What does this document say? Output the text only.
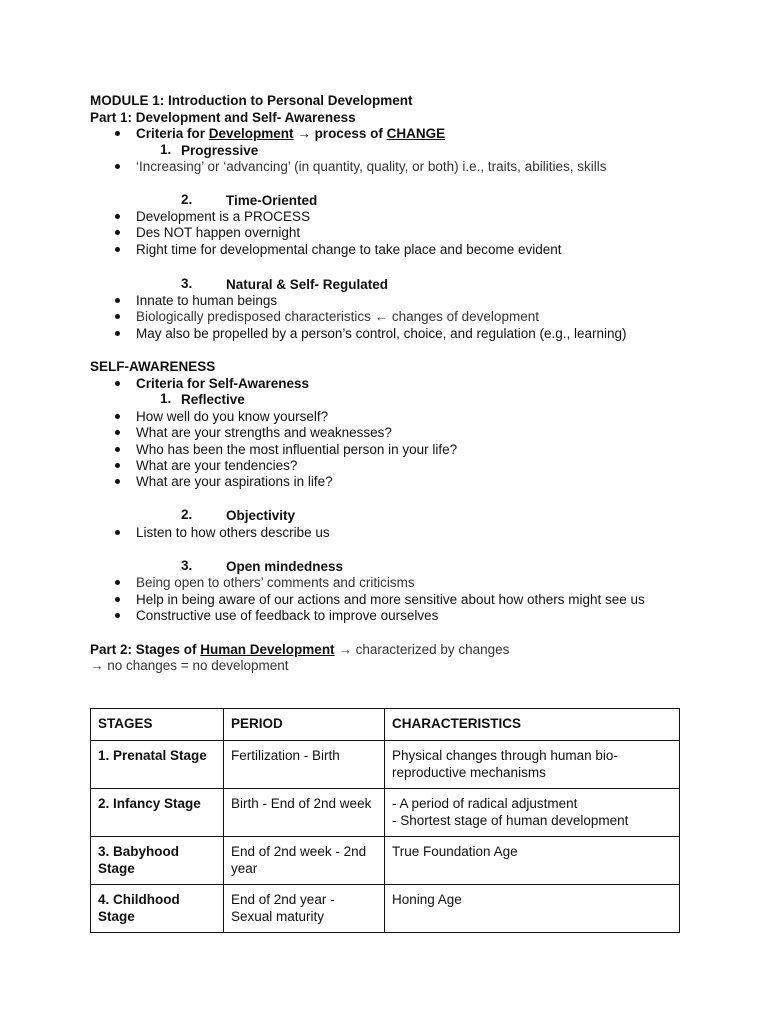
MODULE 1: Introduction to Personal Development
Part 1: Development and Self- Awareness
Criteria for Development → process of CHANGE
1. Progressive
‘Increasing’ or ‘advancing’ (in quantity, quality, or both) i.e., traits, abilities, skills
2. Time-Oriented
Development is a PROCESS
Des NOT happen overnight
Right time for developmental change to take place and become evident
3. Natural & Self- Regulated
Innate to human beings
Biologically predisposed characteristics ← changes of development
May also be propelled by a person’s control, choice, and regulation (e.g., learning)
SELF-AWARENESS
Criteria for Self-Awareness
1. Reflective
How well do you know yourself?
What are your strengths and weaknesses?
Who has been the most influential person in your life?
What are your tendencies?
What are your aspirations in life?
2. Objectivity
Listen to how others describe us
3. Open mindedness
Being open to others’ comments and criticisms
Help in being aware of our actions and more sensitive about how others might see us
Constructive use of feedback to improve ourselves
Part 2: Stages of Human Development → characterized by changes
→ no changes = no development
STAGES	PERIOD	CHARACTERISTICS

1. Prenatal Stage	Fertilization - Birth	Physical changes through human bio-
reproductive mechanisms

2. Infancy Stage	Birth - End of 2nd week	- A period of radical adjustment
- Shortest stage of human development

3. Babyhood
Stage	End of 2nd week - 2nd
year	True Foundation Age

4. Childhood
Stage	End of 2nd year -
Sexual maturity	Honing Age
